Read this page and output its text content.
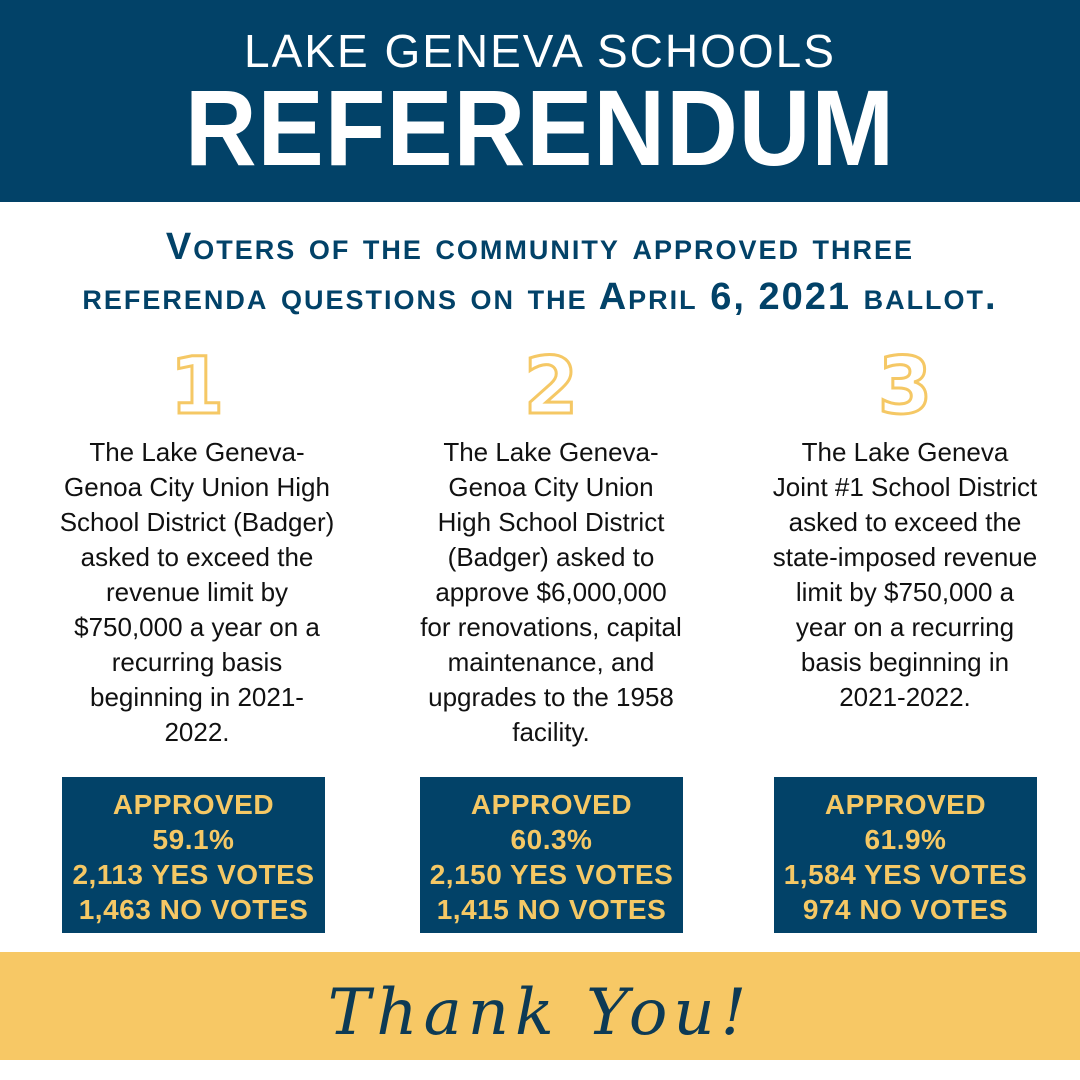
LAKE GENEVA SCHOOLS
REFERENDUM
Voters of the community approved three
referenda questions on the April 6, 2021 ballot.
1
The Lake Geneva-
Genoa City Union High
School District (Badger)
asked to exceed the
revenue limit by
$750,000 a year on a
recurring basis
beginning in 2021-
2022.
2
The Lake Geneva-
Genoa City Union
High School District
(Badger) asked to
approve $6,000,000
for renovations, capital
maintenance, and
upgrades to the 1958
facility.
3
The Lake Geneva
Joint #1 School District
asked to exceed the
state-imposed revenue
limit by $750,000 a
year on a recurring
basis beginning in
2021-2022.
APPROVED
59.1%
2,113 YES VOTES
1,463 NO VOTES
APPROVED
60.3%
2,150 YES VOTES
1,415 NO VOTES
APPROVED
61.9%
1,584 YES VOTES
974 NO VOTES
Thank You!
